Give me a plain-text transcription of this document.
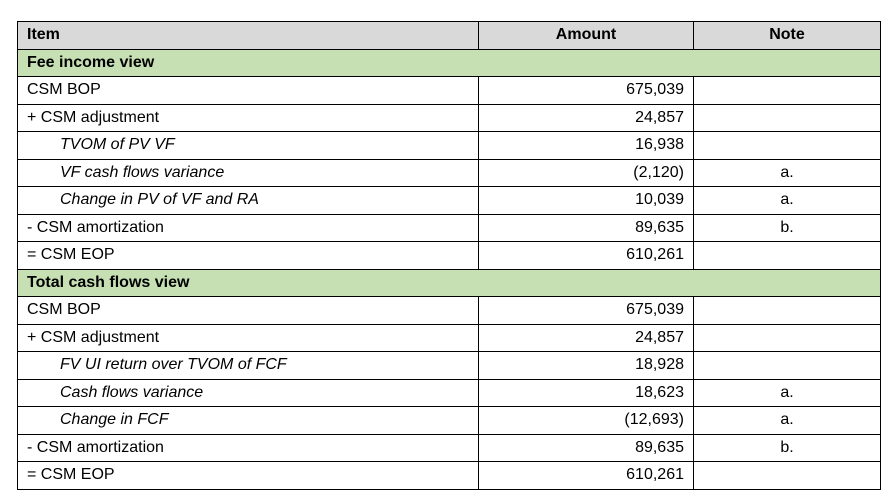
Item	Amount	Note
Fee income view		
CSM BOP	675,039	
+ CSM adjustment	24,857	
TVOM of PV VF	16,938	
VF cash flows variance	(2,120)	a.
Change in PV of VF and RA	10,039	a.
- CSM amortization	89,635	b.
= CSM EOP	610,261	
Total cash flows view		
CSM BOP	675,039	
+ CSM adjustment	24,857	
FV UI return over TVOM of FCF	18,928	
Cash flows variance	18,623	a.
Change in FCF	(12,693)	a.
- CSM amortization	89,635	b.
= CSM EOP	610,261	
